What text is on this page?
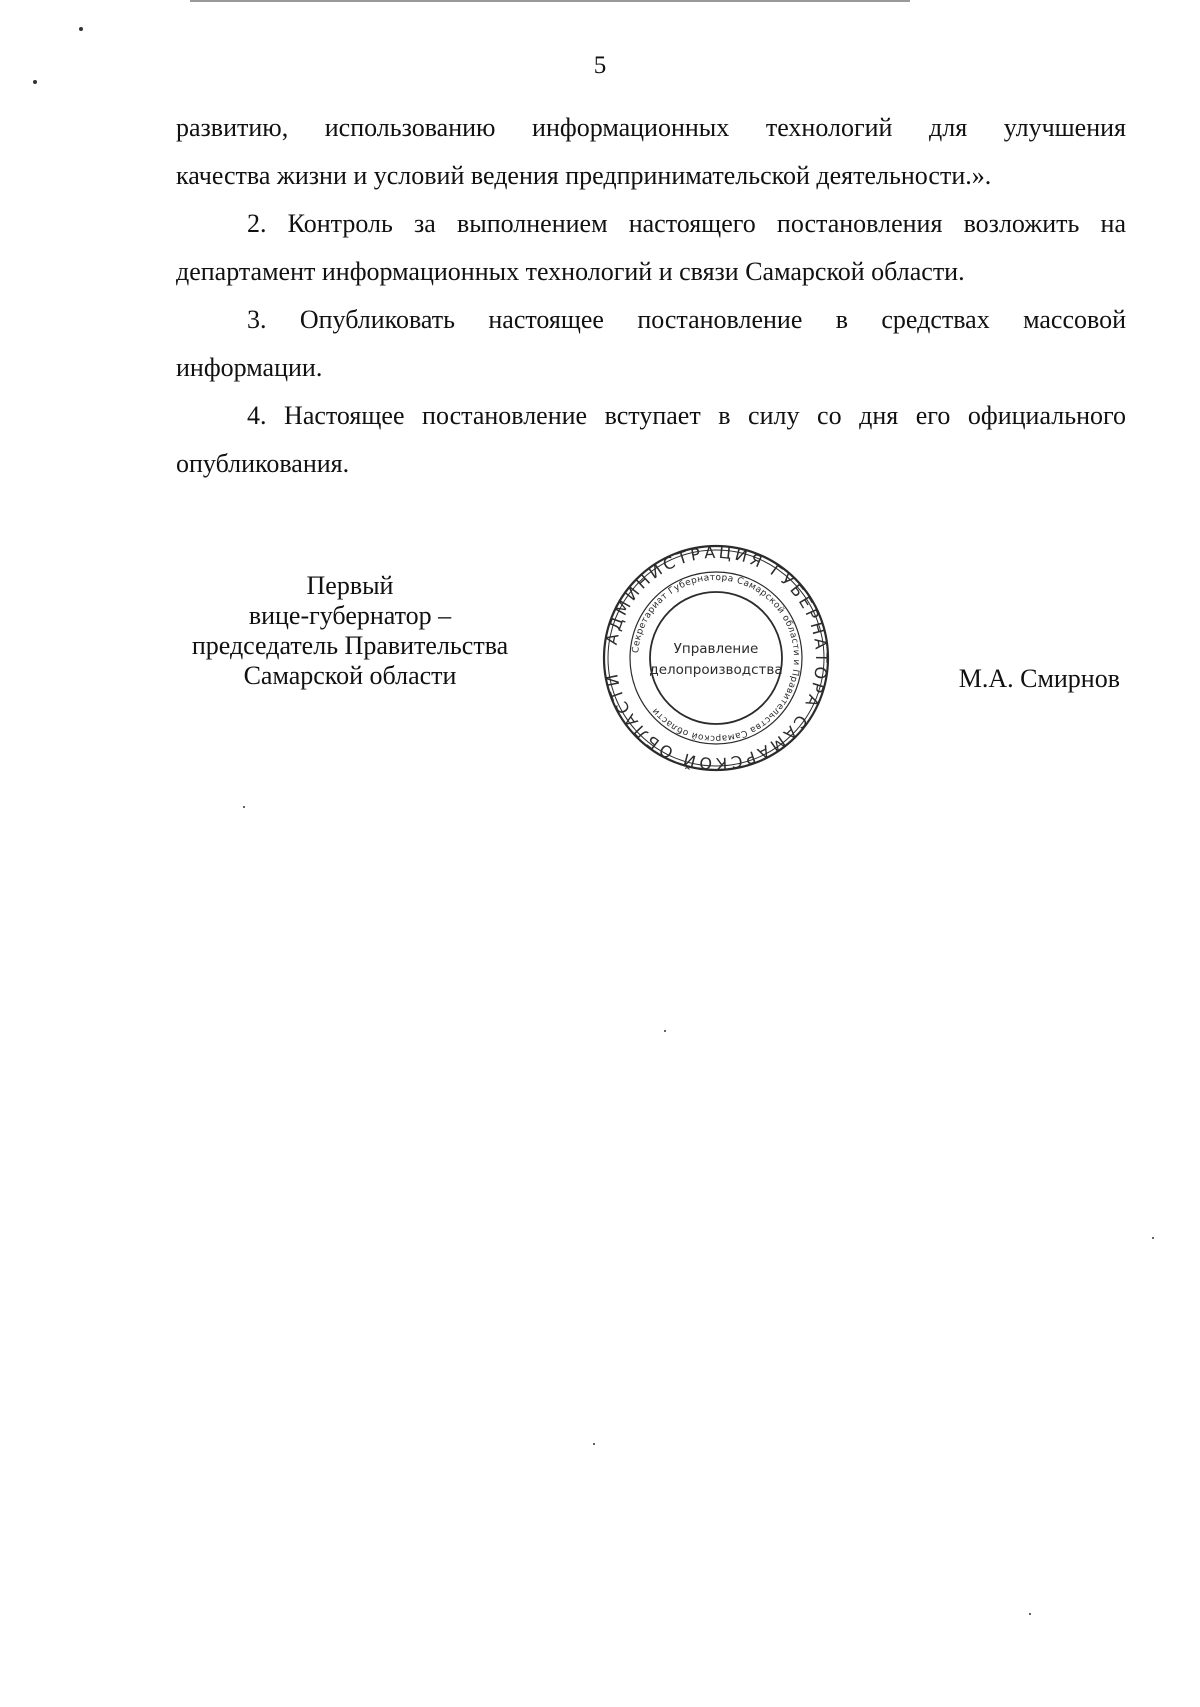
5

развитию, использованию информационных технологий для улучшения

качества жизни и условий ведения предпринимательской деятельности.».

2. Контроль за выполнением настоящего постановления возложить на

департамент информационных технологий и связи Самарской области.

3. Опубликовать настоящее постановление в средствах массовой

информации.

4. Настоящее постановление вступает в силу со дня его официального

опубликования.

Первый
вице-губернатор –
председатель Правительства
Самарской области
АДМИНИСТРАЦИЯ ГУБЕРНАТОРА САМАРСКОЙ ОБЛАСТИ
Секретариат Губернатора Самарской области и Правительства Самарской области
Управление
делопроизводства	М.А. Смирнов
